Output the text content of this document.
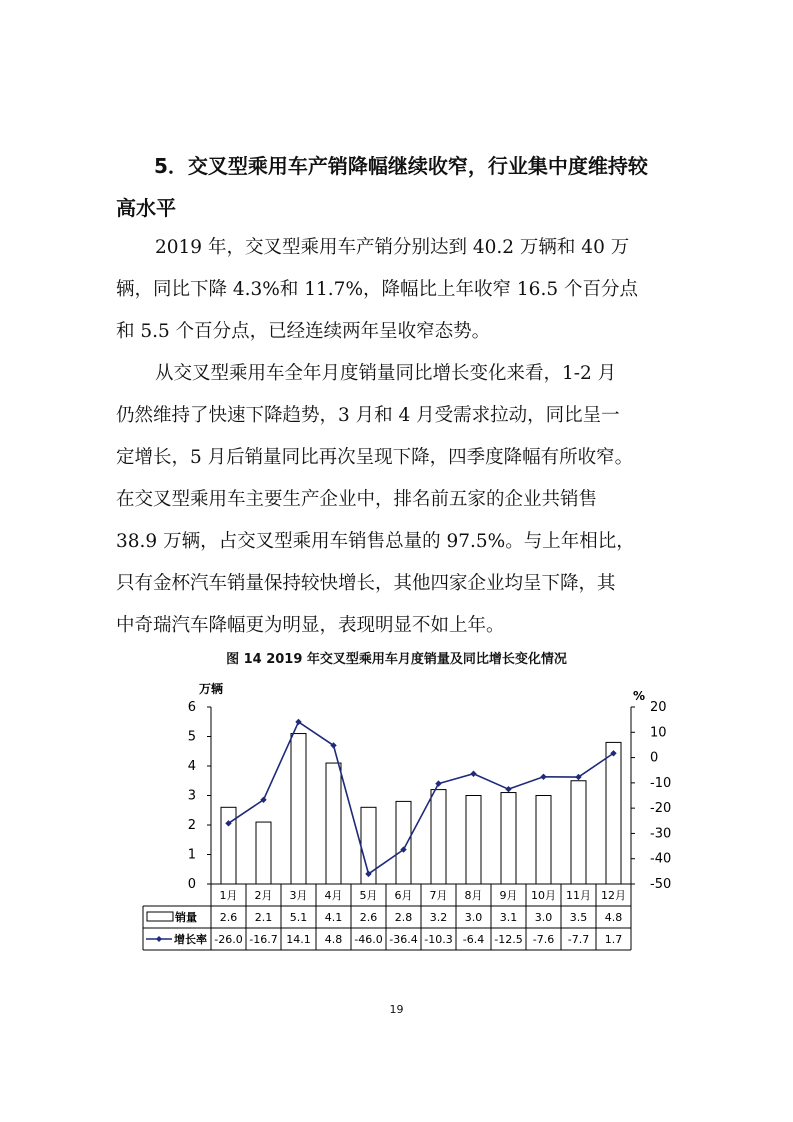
5．交叉型乘用车产销降幅继续收窄，行业集中度维持较
高水平
2019 年，交叉型乘用车产销分别达到 40.2 万辆和 40 万
辆，同比下降 4.3%和 11.7%，降幅比上年收窄 16.5 个百分点
和 5.5 个百分点，已经连续两年呈收窄态势。
从交叉型乘用车全年月度销量同比增长变化来看，1-2 月
仍然维持了快速下降趋势，3 月和 4 月受需求拉动，同比呈一
定增长，5 月后销量同比再次呈现下降，四季度降幅有所收窄。
在交叉型乘用车主要生产企业中，排名前五家的企业共销售
38.9 万辆，占交叉型乘用车销售总量的 97.5%。与上年相比，
只有金杯汽车销量保持较快增长，其他四家企业均呈下降，其
中奇瑞汽车降幅更为明显，表现明显不如上年。
图 14 2019 年交叉型乘用车月度销量及同比增长变化情况
0
1
2
3
4
5
6
-50
-40
-30
-20
-10
0
10
20
万辆	%
1月 2月 3月 4月 5月 6月 7月 8月 9月 10月 11月 12月
销量
增长率
2.6 2.1 5.1 4.1 2.6 2.8 3.2 3.0 3.1 3.0 3.5 4.8
-26.0 -16.7 14.1 4.8 -46.0 -36.4 -10.3 -6.4 -12.5 -7.6 -7.7 1.7
19
